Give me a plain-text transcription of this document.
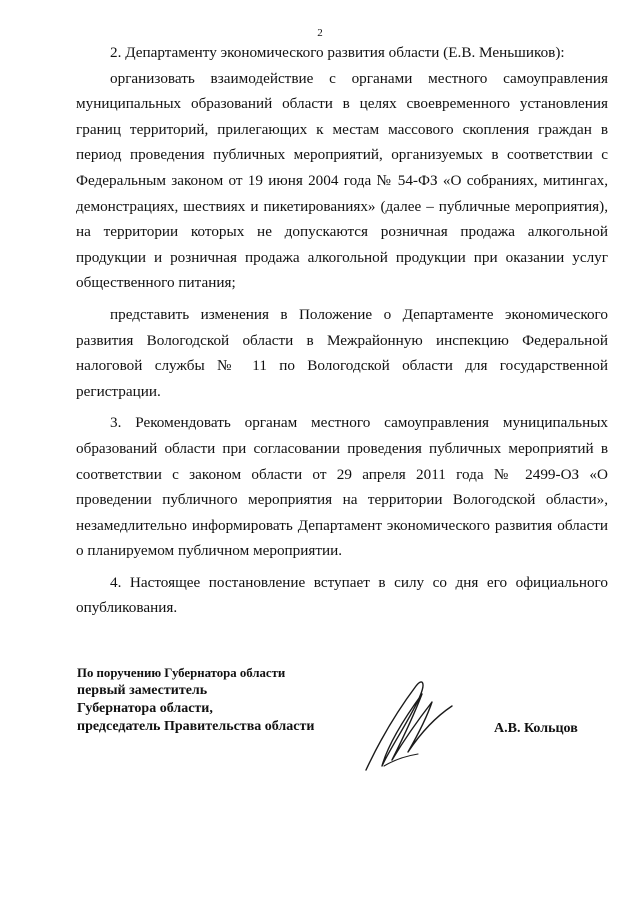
2

2. Департаменту экономического развития области (Е.В. Меньшиков):

организовать взаимодействие с органами местного самоуправления муниципальных образований области в целях своевременного установления границ территорий, прилегающих к местам массового скопления граждан в период проведения публичных мероприятий, организуемых в соответствии с Федеральным законом от 19 июня 2004 года № 54-ФЗ «О собраниях, митингах, демонстрациях, шествиях и пикетированиях» (далее – публичные мероприятия), на территории которых не допускаются розничная продажа алкогольной продукции и розничная продажа алкогольной продукции при оказании услуг общественного питания;

представить изменения в Положение о Департаменте экономического развития Вологодской области в Межрайонную инспекцию Федеральной налоговой службы № 11 по Вологодской области для государственной регистрации.

3. Рекомендовать органам местного самоуправления муниципальных образований области при согласовании проведения публичных мероприятий в соответствии с законом области от 29 апреля 2011 года № 2499-ОЗ «О проведении публичного мероприятия на территории Вологодской области», незамедлительно информировать Департамент экономического развития области о планируемом публичном мероприятии.

4. Настоящее постановление вступает в силу со дня его официального опубликования.

По поручению Губернатора области
первый заместитель
Губернатора области,
председатель Правительства области	А.В. Кольцов
